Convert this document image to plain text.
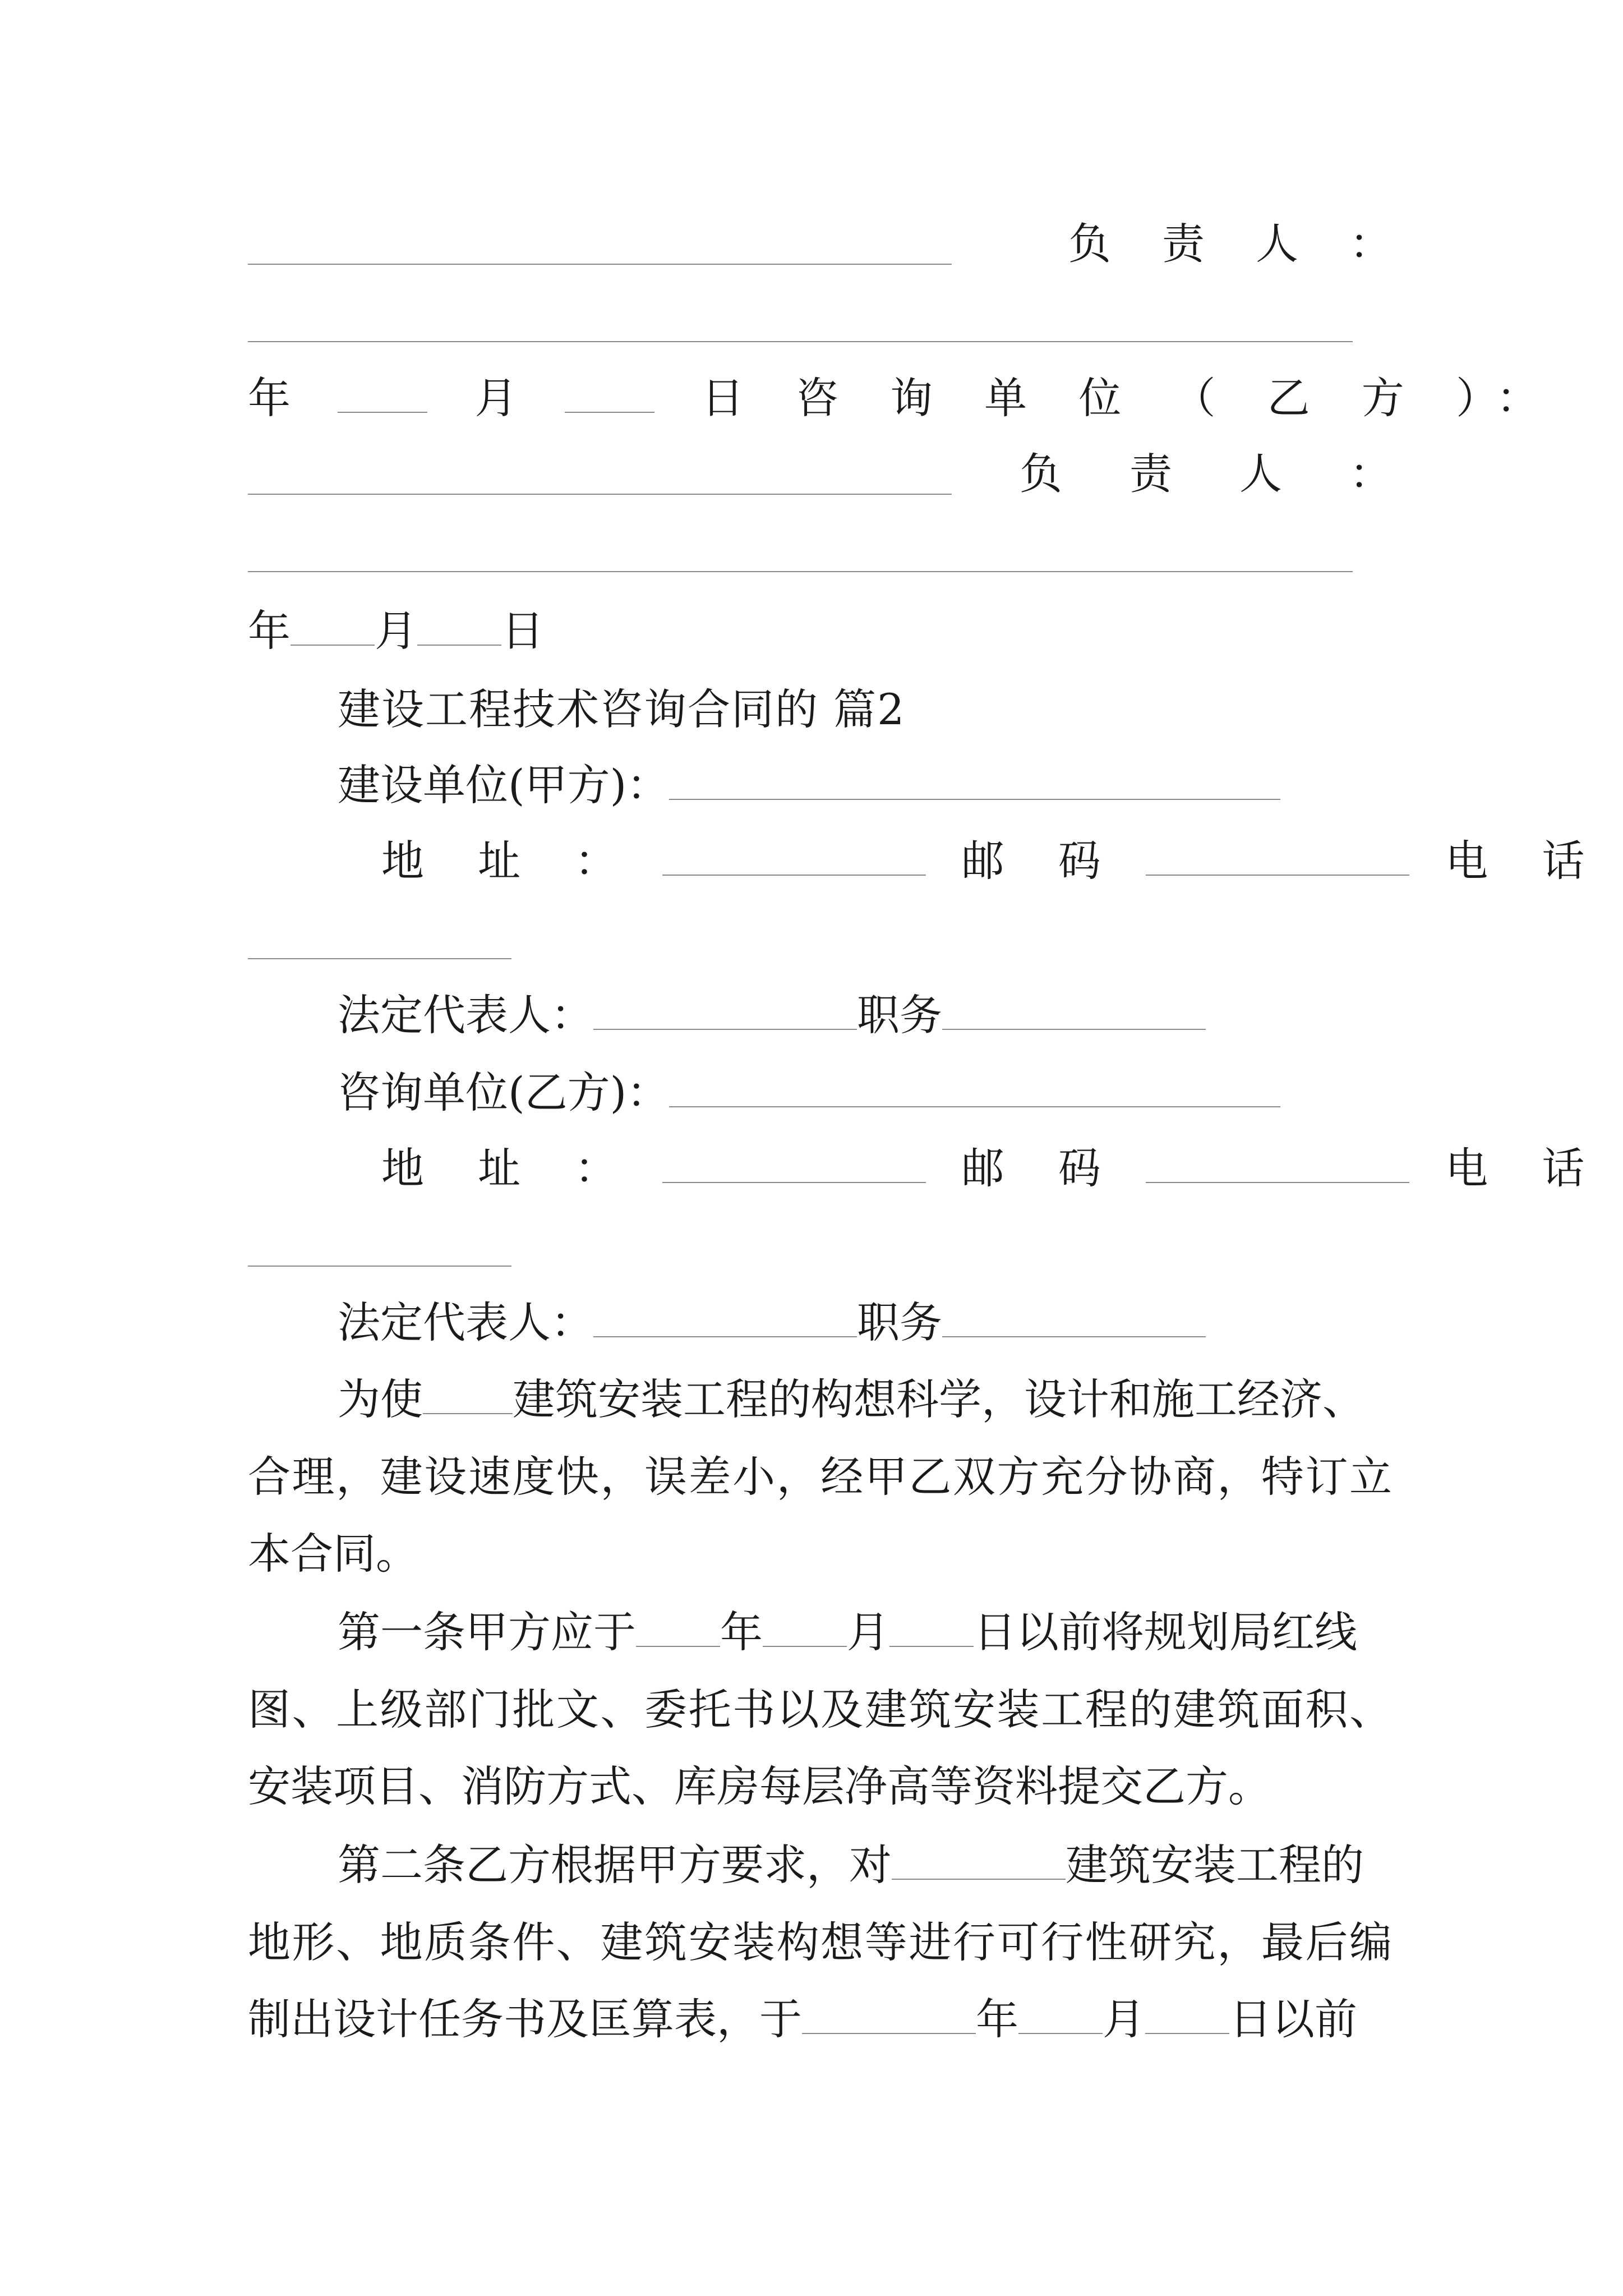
负 责 人 ：
年	月	日 咨 询 单 位 （ 乙 方 ）：
负 责 人 ：
年 月 日
建设工程技术咨询合同的 篇2
建设单位(甲方)：
地 址 ：	邮 码	电 话
法定代表人：	职务
咨询单位(乙方)：
地 址 ：	邮 码	电 话
法定代表人：	职务
为使 建筑安装工程的构想科学，设计和施工经济、
合理，建设速度快，误差小，经甲乙双方充分协商，特订立
本合同。
第一条甲方应于 年 月 日以前将规划局红线
图、上级部门批文、委托书以及建筑安装工程的建筑面积、
安装项目、消防方式、库房每层净高等资料提交乙方。
第二条乙方根据甲方要求，对	建筑安装工程的
地形、地质条件、建筑安装构想等进行可行性研究，最后编
制出设计任务书及匡算表，于	年 月 日以前
